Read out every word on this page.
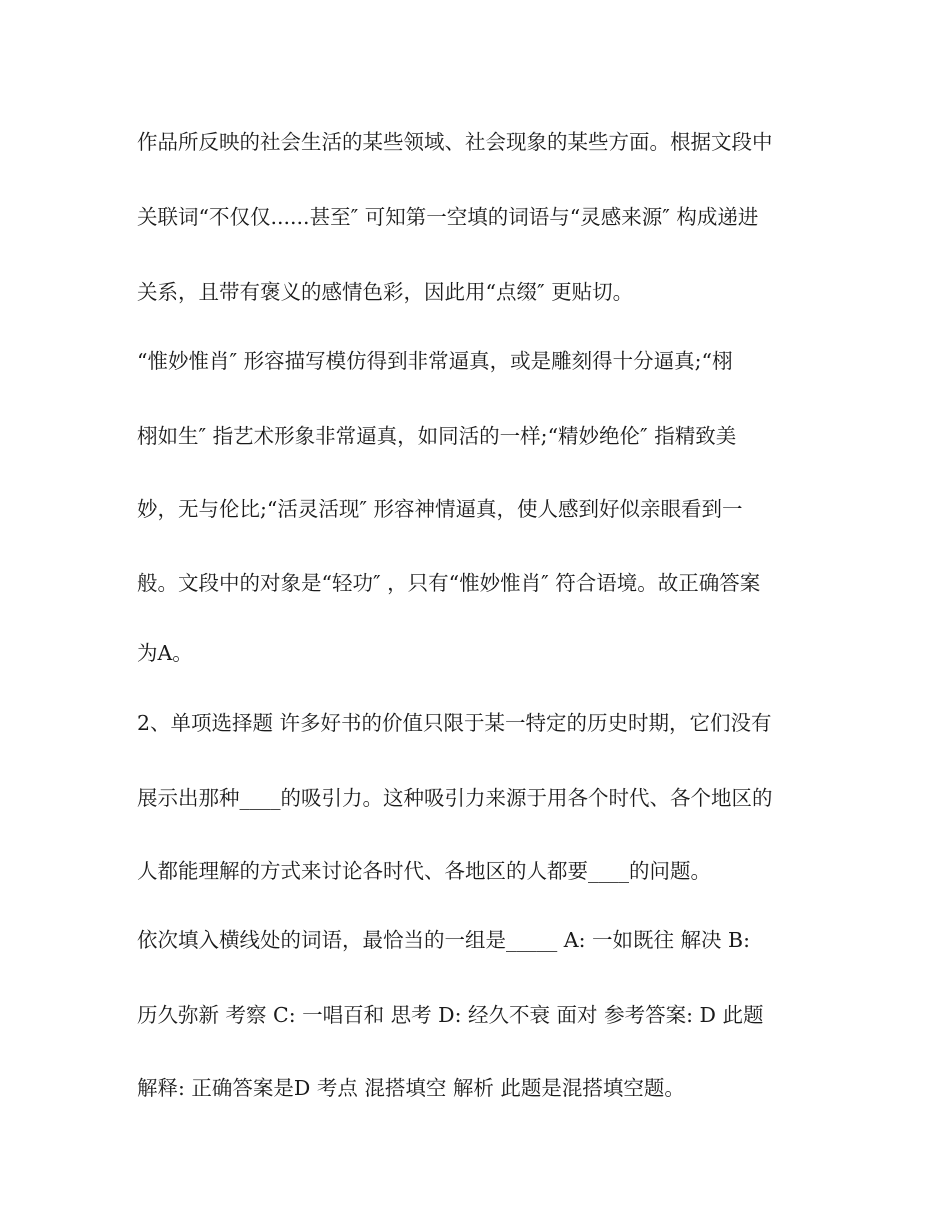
作品所反映的社会生活的某些领域、社会现象的某些方面。根据文段中
关联词“不仅仅......甚至″ 可知第一空填的词语与“灵感来源″ 构成递进
关系，且带有褒义的感情色彩，因此用“点缀″ 更贴切。
“惟妙惟肖″ 形容描写模仿得到非常逼真，或是雕刻得十分逼真;“栩
栩如生″ 指艺术形象非常逼真，如同活的一样;“精妙绝伦″ 指精致美
妙，无与伦比;“活灵活现″ 形容神情逼真，使人感到好似亲眼看到一
般。文段中的对象是“轻功″ ，只有“惟妙惟肖″ 符合语境。故正确答案
为A。
2、单项选择题 许多好书的价值只限于某一特定的历史时期，它们没有
展示出那种____的吸引力。这种吸引力来源于用各个时代、各个地区的
人都能理解的方式来讨论各时代、各地区的人都要____的问题。
依次填入横线处的词语，最恰当的一组是_____ A: 一如既往 解决 B:
历久弥新 考察 C: 一唱百和 思考 D: 经久不衰 面对 参考答案: D 此题
解释: 正确答案是D 考点 混搭填空 解析 此题是混搭填空题。
